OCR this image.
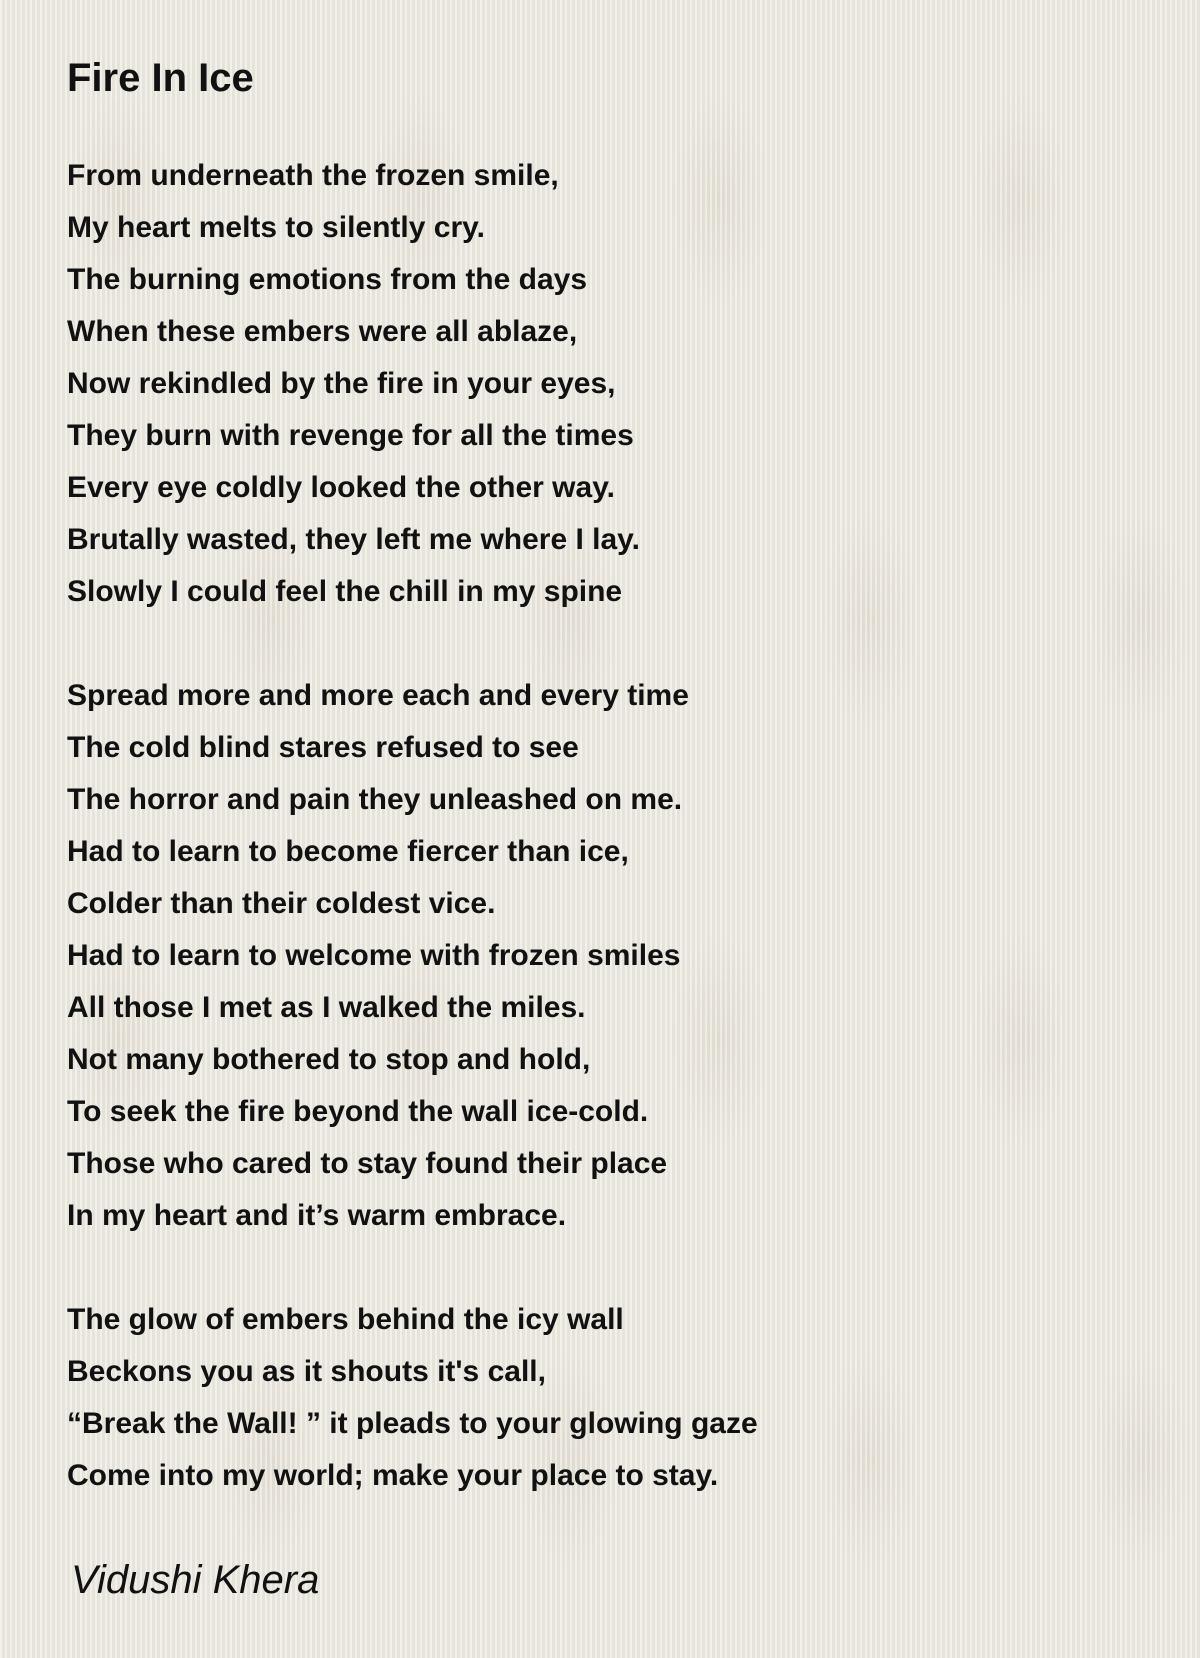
Fire In Ice
From underneath the frozen smile,
My heart melts to silently cry.
The burning emotions from the days
When these embers were all ablaze,
Now rekindled by the fire in your eyes,
They burn with revenge for all the times
Every eye coldly looked the other way.
Brutally wasted, they left me where I lay.
Slowly I could feel the chill in my spine
Spread more and more each and every time
The cold blind stares refused to see
The horror and pain they unleashed on me.
Had to learn to become fiercer than ice,
Colder than their coldest vice.
Had to learn to welcome with frozen smiles
All those I met as I walked the miles.
Not many bothered to stop and hold,
To seek the fire beyond the wall ice-cold.
Those who cared to stay found their place
In my heart and it’s warm embrace.
The glow of embers behind the icy wall
Beckons you as it shouts it's call,
“Break the Wall! ” it pleads to your glowing gaze
Come into my world; make your place to stay.
Vidushi Khera
